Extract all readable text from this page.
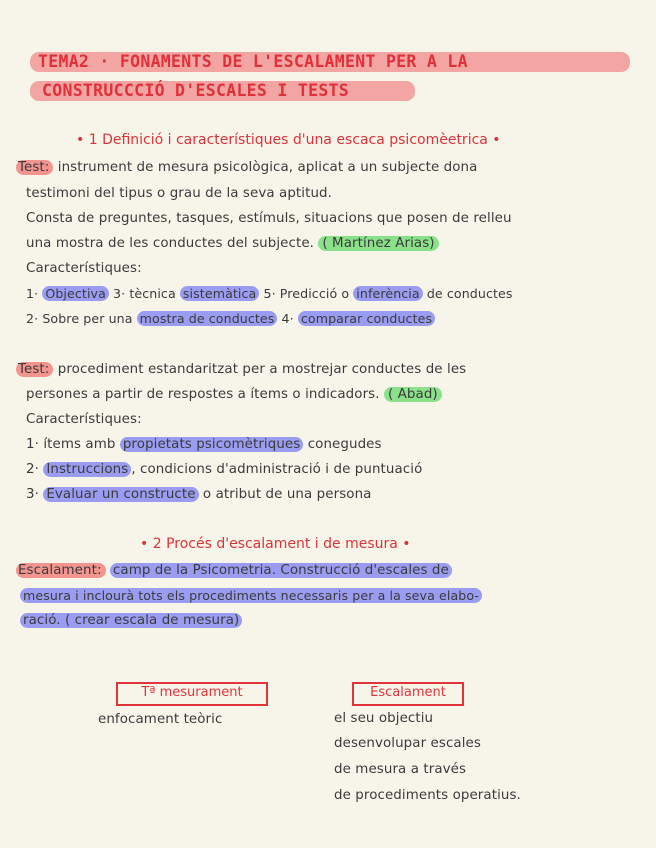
TEMA2 · FONAMENTS DE L'ESCALAMENT PER A LA
CONSTRUCCCIÓ D'ESCALES I TESTS
• 1 Definició i característiques d'una escaca psicomèetrica •
Test: instrument de mesura psicològica, aplicat a un subjecte dona
testimoni del tipus o grau de la seva aptitud.
Consta de preguntes, tasques, estímuls, situacions que posen de relleu
una mostra de les conductes del subjecte. ( Martínez Arias)
Característiques:
1· Objectiva 3· tècnica sistemàtica 5· Predicció o inferència de conductes
2· Sobre per una mostra de conductes 4· comparar conductes
Test: procediment estandaritzat per a mostrejar conductes de les
persones a partir de respostes a ítems o indicadors. ( Abad)
Característiques:
1· ítems amb propietats psicomètriques conegudes
2· Instruccions , condicions d'administració i de puntuació
3· Evaluar un constructe o atribut de una persona
• 2 Procés d'escalament i de mesura •
Escalament: camp de la Psicometria. Construcció d'escales de
mesura i inclourà tots els procediments necessaris per a la seva elabo-
ració. ( crear escala de mesura)
Tª mesurament
enfocament teòric
Escalament
el seu objectiu
desenvolupar escales
de mesura a través
de procediments operatius.
